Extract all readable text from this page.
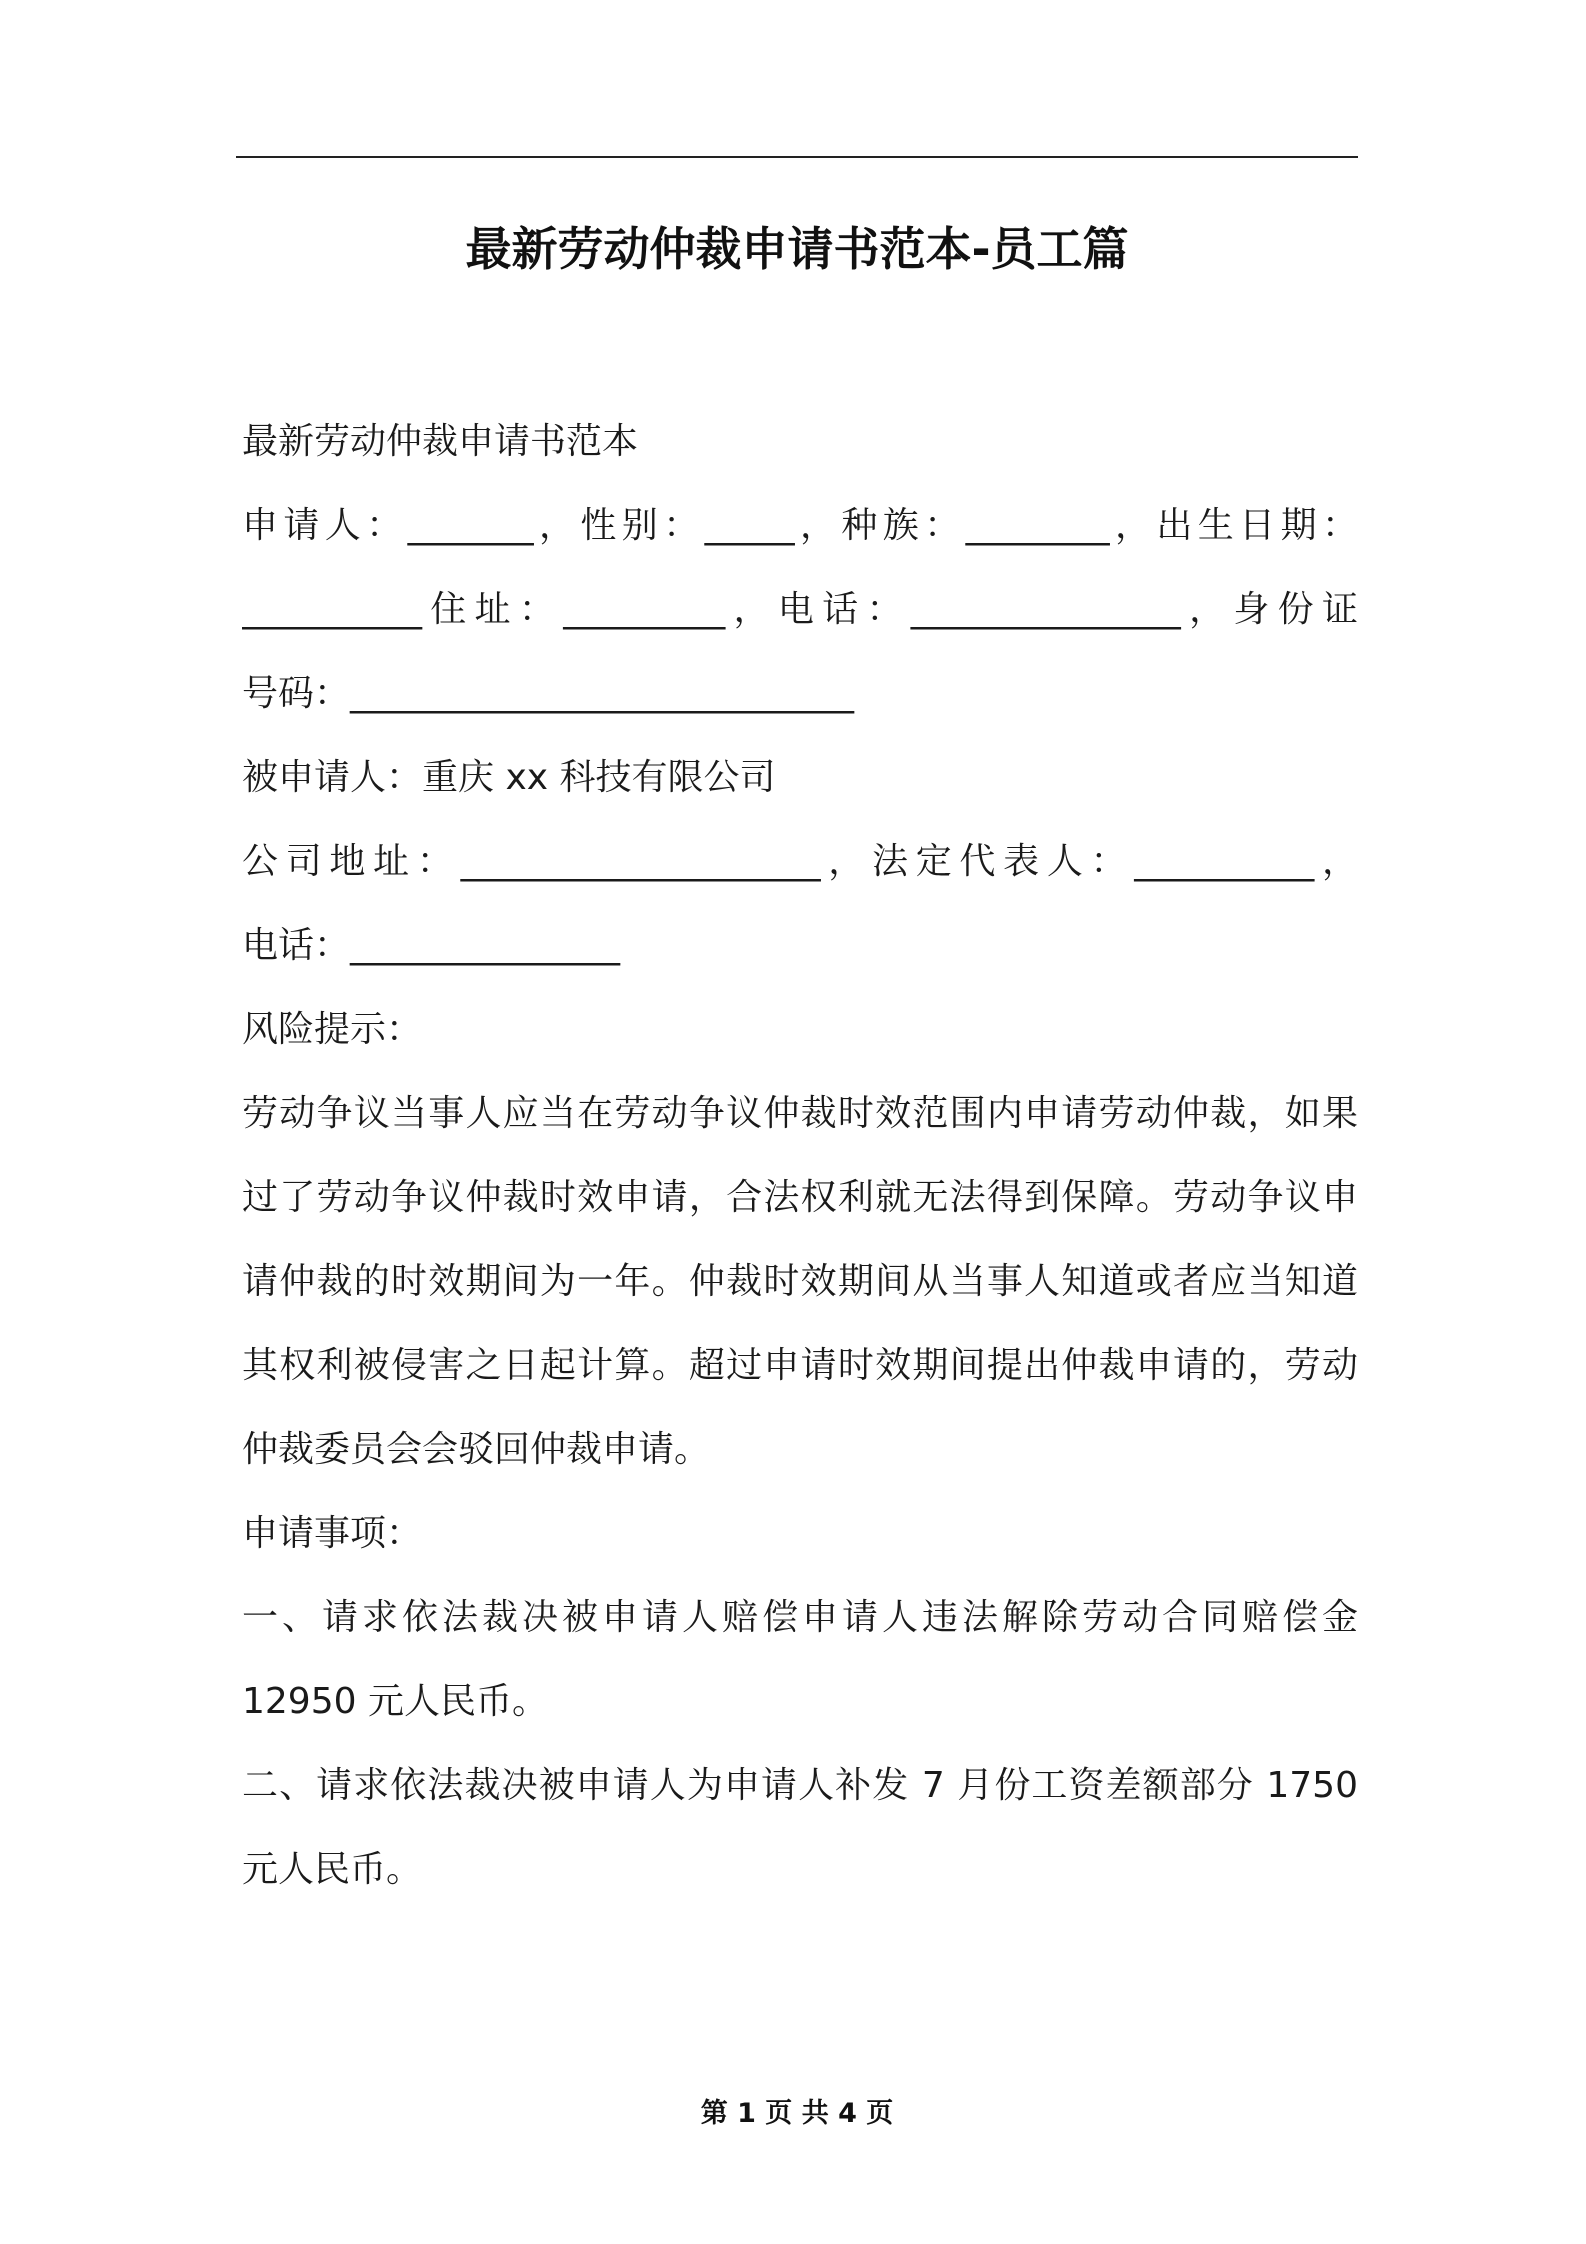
最新劳动仲裁申请书范本-员工篇
最新劳动仲裁申请书范本
申请人：_______，性别：_____，种族：________，出生日期：
__________住址：_________，电话：_______________，身份证
号码：____________________________
被申请人：重庆 xx 科技有限公司
公司地址：____________________，法定代表人：__________，
电话：_______________
风险提示：
劳动争议当事人应当在劳动争议仲裁时效范围内申请劳动仲裁，如果
过了劳动争议仲裁时效申请，合法权利就无法得到保障。劳动争议申
请仲裁的时效期间为一年。仲裁时效期间从当事人知道或者应当知道
其权利被侵害之日起计算。超过申请时效期间提出仲裁申请的，劳动
仲裁委员会会驳回仲裁申请。
申请事项：
一、请求依法裁决被申请人赔偿申请人违法解除劳动合同赔偿金
12950 元人民币。
二、请求依法裁决被申请人为申请人补发 7 月份工资差额部分 1750
元人民币。
第 1 页 共 4 页
